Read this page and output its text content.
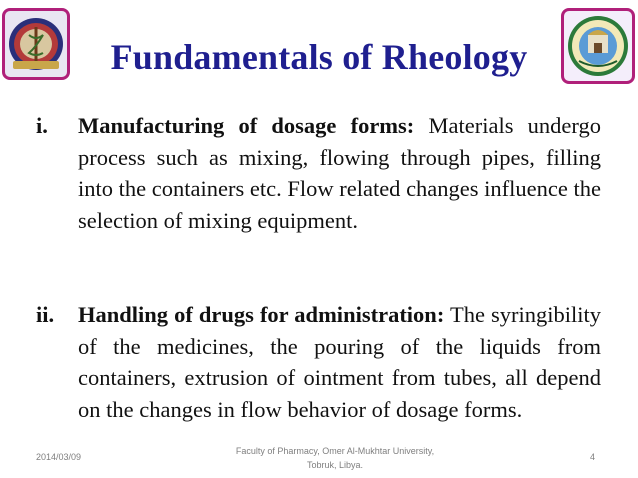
Fundamentals of Rheology
i. Manufacturing of dosage forms: Materials undergo process such as mixing, flowing through pipes, filling into the containers etc. Flow related changes influence the selection of mixing equipment.
ii. Handling of drugs for administration: The syringibility of the medicines, the pouring of the liquids from containers, extrusion of ointment from tubes, all depend on the changes in flow behavior of dosage forms.
2014/03/09
Faculty of Pharmacy, Omer Al-Mukhtar University,
Tobruk, Libya.
4
